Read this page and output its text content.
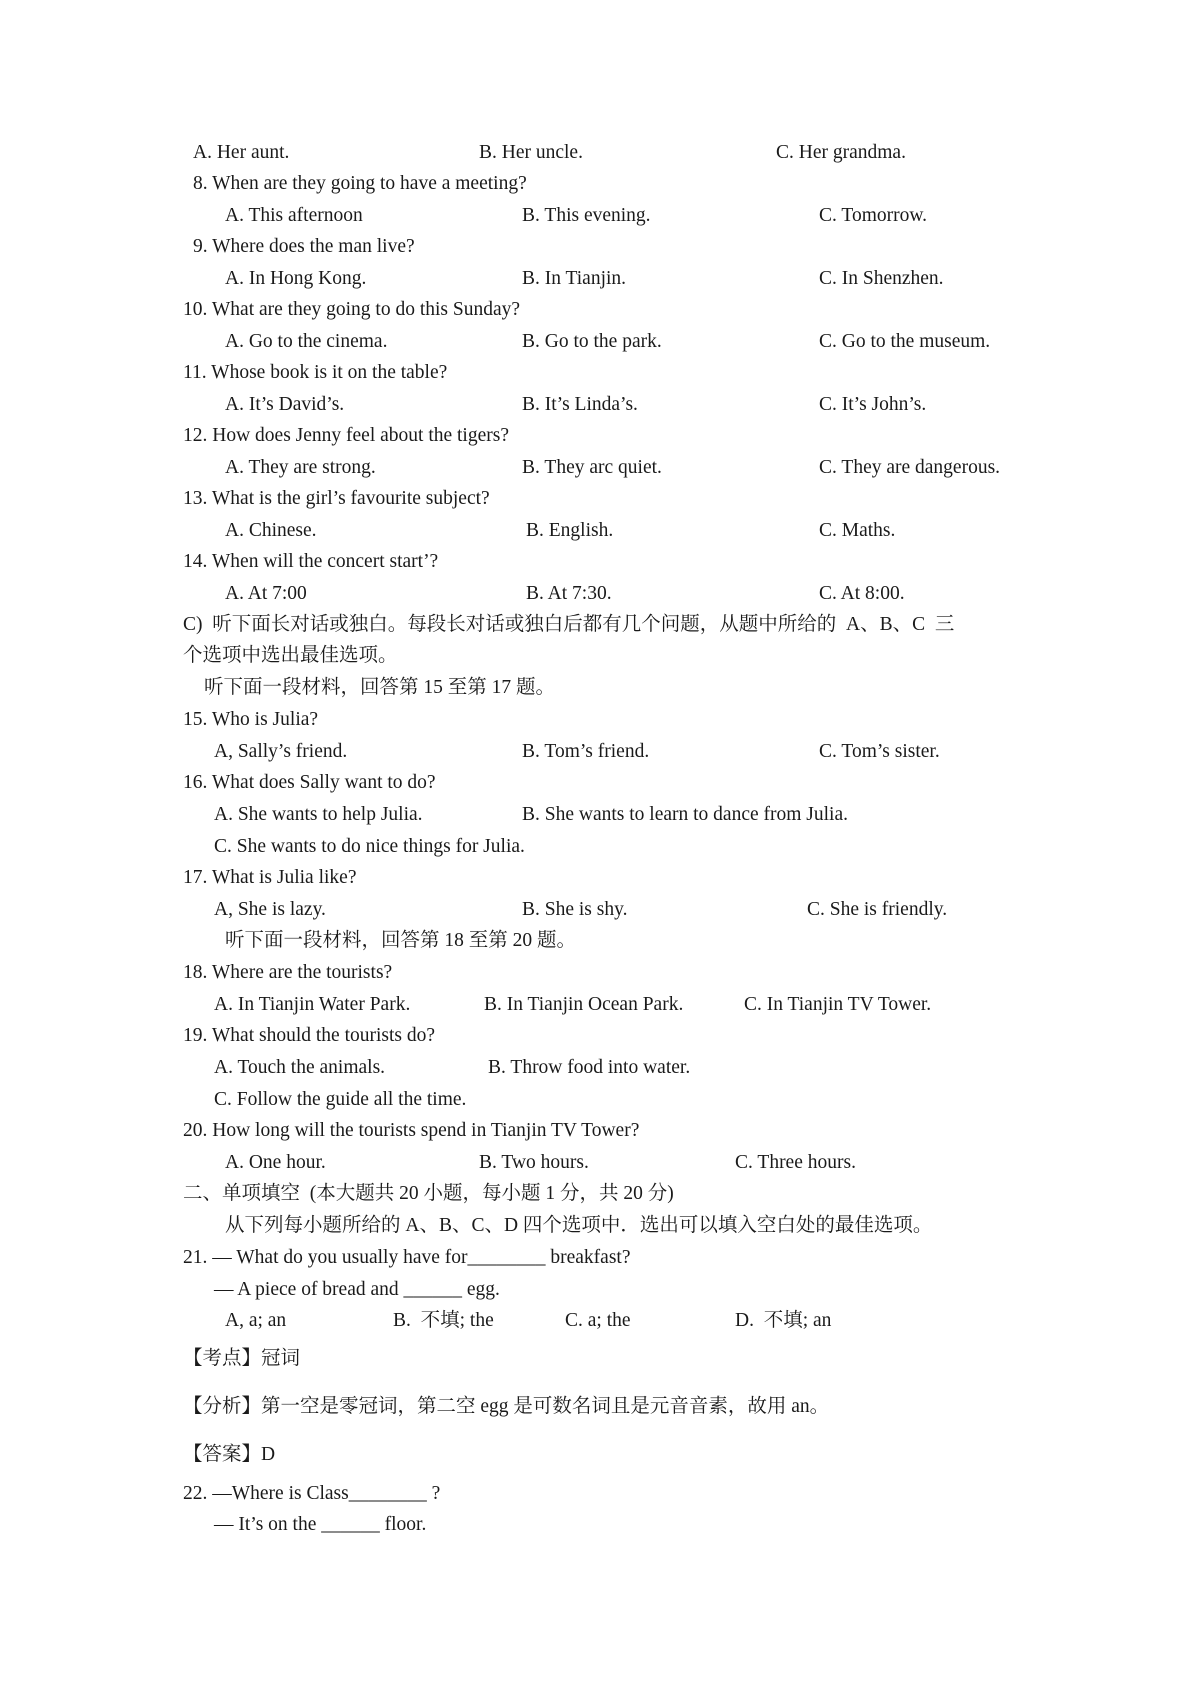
A. Her aunt.	B. Her uncle.	C. Her grandma.
8. When are they going to have a meeting?
A. This afternoon	B. This evening.	C. Tomorrow.
9. Where does the man live?
A. In Hong Kong.	B. In Tianjin.	C. In Shenzhen.
10. What are they going to do this Sunday?
A. Go to the cinema.	B. Go to the park.	C. Go to the museum.
11. Whose book is it on the table?
A. It’s David’s.	B. It’s Linda’s.	C. It’s John’s.
12. How does Jenny feel about the tigers?
A. They are strong.	B. They arc quiet.	C. They are dangerous.
13. What is the girl’s favourite subject?
A. Chinese.	B. English.	C. Maths.
14. When will the concert start’?
A. At 7:00	B. At 7:30.	C. At 8:00.
C)  听下面长对话或独白。每段长对话或独白后都有几个问题，从题中所给的  A、B、C  三
个选项中选出最佳选项。
听下面一段材料，回答第 15 至第 17 题。
15. Who is Julia?
A, Sally’s friend.	B. Tom’s friend.	C. Tom’s sister.
16. What does Sally want to do?
A. She wants to help Julia.	B. She wants to learn to dance from Julia.
C. She wants to do nice things for Julia.
17. What is Julia like?
A, She is lazy.	B. She is shy.	C. She is friendly.
听下面一段材料，回答第 18 至第 20 题。
18. Where are the tourists?
A. In Tianjin Water Park.	B. In Tianjin Ocean Park.	C. In Tianjin TV Tower.
19. What should the tourists do?
A. Touch the animals.	B. Throw food into water.
C. Follow the guide all the time.
20. How long will the tourists spend in Tianjin TV Tower?
A. One hour.	B. Two hours.	C. Three hours.
二、单项填空  (本大题共 20 小题，每小题 1 分，共 20 分)
从下列每小题所给的 A、B、C、D 四个选项中．选出可以填入空白处的最佳选项。
21. — What do you usually have for________ breakfast?
— A piece of bread and ______ egg.
A, a; an	B.  不填; the	C. a; the	D.  不填; an
【考点】冠词
【分析】第一空是零冠词，第二空 egg 是可数名词且是元音音素，故用 an。
【答案】D
22. —Where is Class________ ?
— It’s on the ______ floor.
